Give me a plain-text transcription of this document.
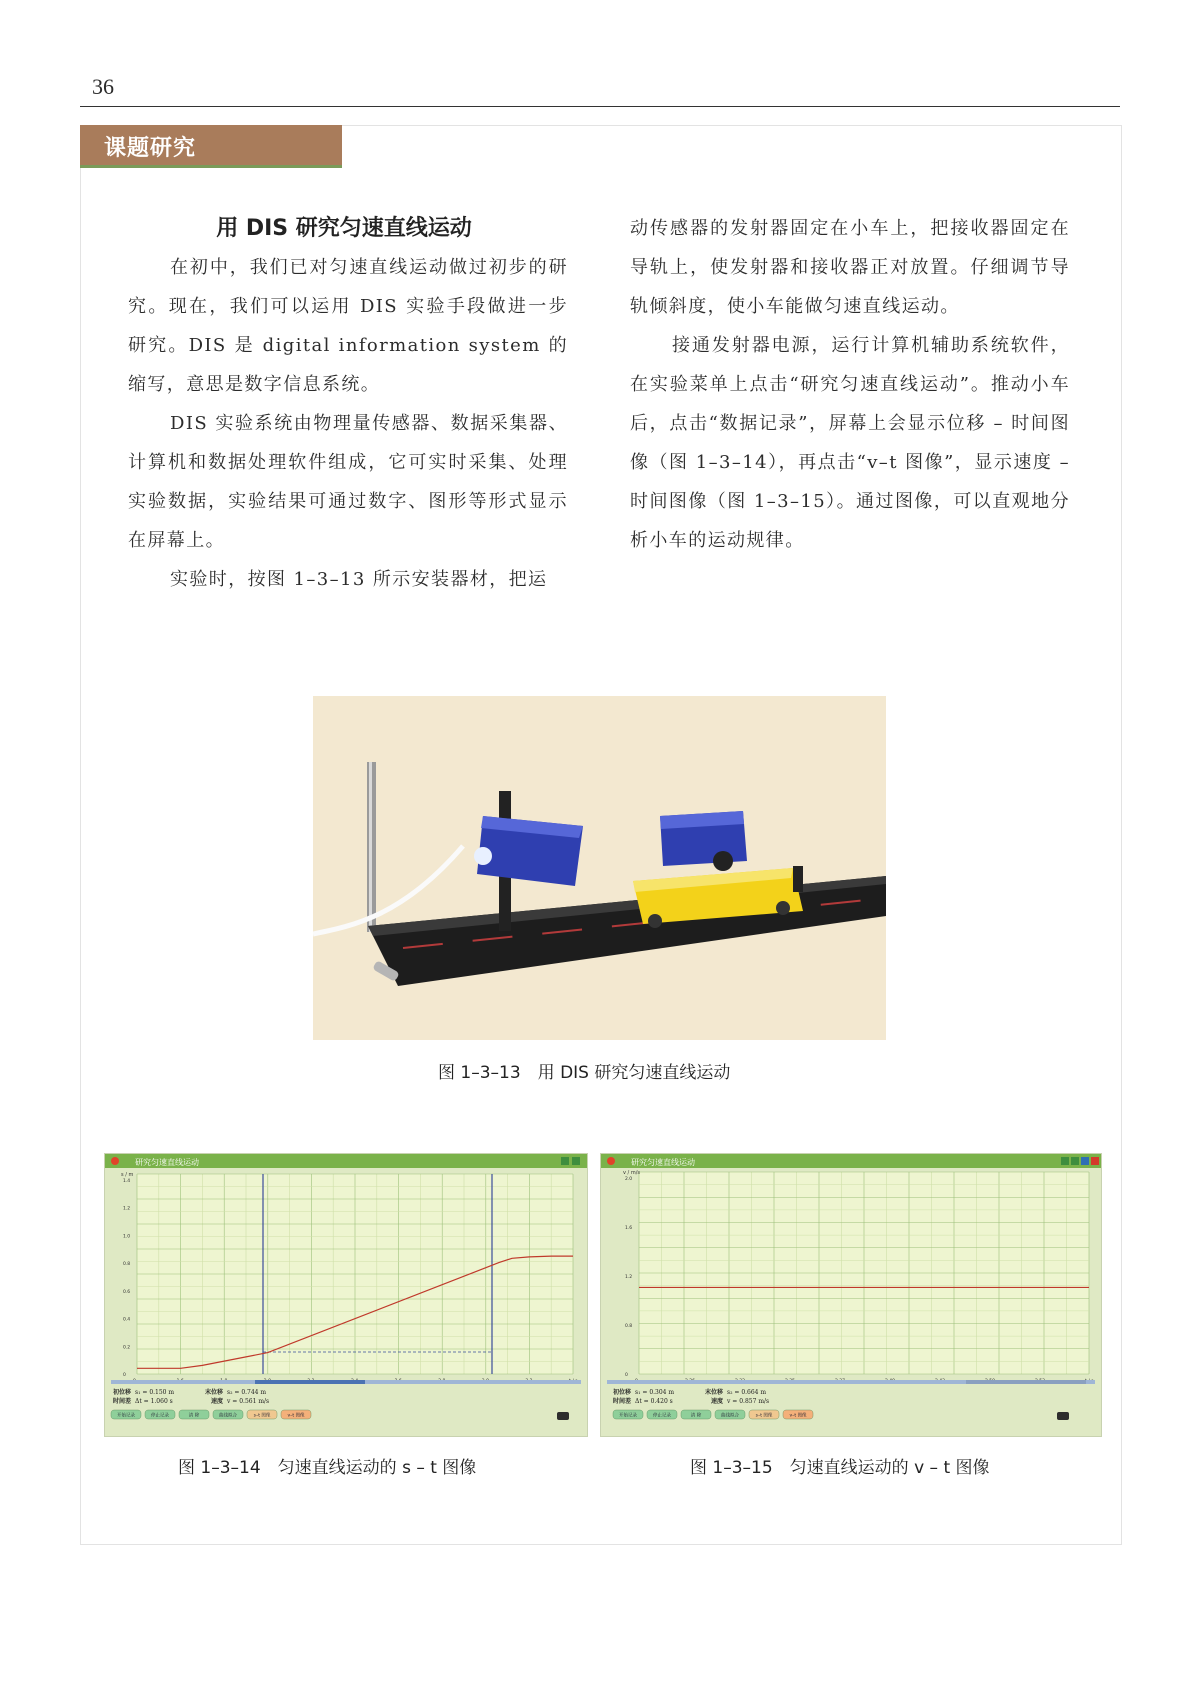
36
课题研究
用 DIS 研究匀速直线运动

在初中，我们已对匀速直线运动做过初步的研究。现在，我们可以运用 DIS 实验手段做进一步研究。DIS 是 digital information system 的缩写，意思是数字信息系统。

DIS 实验系统由物理量传感器、数据采集器、计算机和数据处理软件组成，它可实时采集、处理实验数据，实验结果可通过数字、图形等形式显示在屏幕上。

实验时，按图 1–3–13 所示安装器材，把运

动传感器的发射器固定在小车上，把接收器固定在导轨上，使发射器和接收器正对放置。仔细调节导轨倾斜度，使小车能做匀速直线运动。

接通发射器电源，运行计算机辅助系统软件，在实验菜单上点击“研究匀速直线运动”。推动小车后，点击“数据记录”，屏幕上会显示位移 – 时间图像（图 1–3–14），再点击“v–t 图像”，显示速度 – 时间图像（图 1–3–15）。通过图像，可以直观地分析小车的运动规律。

图 1–3–13　用 DIS 研究匀速直线运动
研究匀速直线运动
s / m
1.4
1.2
1.0
0.8
0.6
0.4
0.2
0
初位移 s₁ = 0.150 m	末位移 s₂ = 0.744 m
时间差 Δt = 1.060 s	速度 v = 0.561 m/s
开始记录	停止记录	清 除	曲线拟合	s–t 图像	v–t 图像
图 1–3–14　匀速直线运动的 s – t 图像
研究匀速直线运动
v / m/s
2.0
1.6
1.2
0.8
0
初位移 s₁ = 0.304 m	末位移 s₂ = 0.664 m
时间差 Δt = 0.420 s	速度 v = 0.857 m/s
开始记录	停止记录	清 除	曲线拟合	s–t 图像	v–t 图像
图 1–3–15　匀速直线运动的 v – t 图像
